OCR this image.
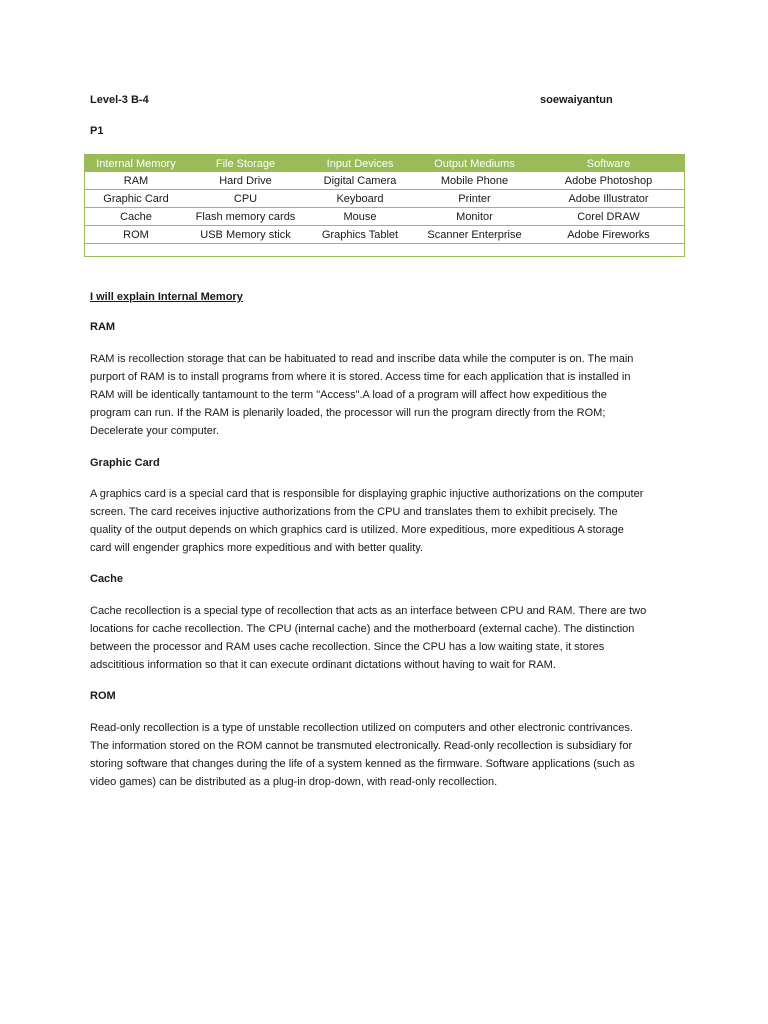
Level-3 B-4	soewaiyantun
P1
Internal Memory	File Storage	Input Devices	Output Mediums	Software
RAM	Hard Drive	Digital Camera	Mobile Phone	Adobe Photoshop
Graphic Card	CPU	Keyboard	Printer	Adobe Illustrator
Cache	Flash memory cards	Mouse	Monitor	Corel DRAW
ROM	USB Memory stick	Graphics Tablet	Scanner Enterprise	Adobe Fireworks
I will explain Internal Memory
RAM
RAM is recollection storage that can be habituated to read and inscribe data while the computer is on. The main
purport of RAM is to install programs from where it is stored. Access time for each application that is installed in
RAM will be identically tantamount to the term "Access".A load of a program will affect how expeditious the
program can run. If the RAM is plenarily loaded, the processor will run the program directly from the ROM;
Decelerate your computer.
Graphic Card
A graphics card is a special card that is responsible for displaying graphic injuctive authorizations on the computer
screen. The card receives injuctive authorizations from the CPU and translates them to exhibit precisely. The
quality of the output depends on which graphics card is utilized. More expeditious, more expeditious A storage
card will engender graphics more expeditious and with better quality.
Cache
Cache recollection is a special type of recollection that acts as an interface between CPU and RAM. There are two
locations for cache recollection. The CPU (internal cache) and the motherboard (external cache). The distinction
between the processor and RAM uses cache recollection. Since the CPU has a low waiting state, it stores
adscititious information so that it can execute ordinant dictations without having to wait for RAM.
ROM
Read-only recollection is a type of unstable recollection utilized on computers and other electronic contrivances.
The information stored on the ROM cannot be transmuted electronically. Read-only recollection is subsidiary for
storing software that changes during the life of a system kenned as the firmware. Software applications (such as
video games) can be distributed as a plug-in drop-down, with read-only recollection.
